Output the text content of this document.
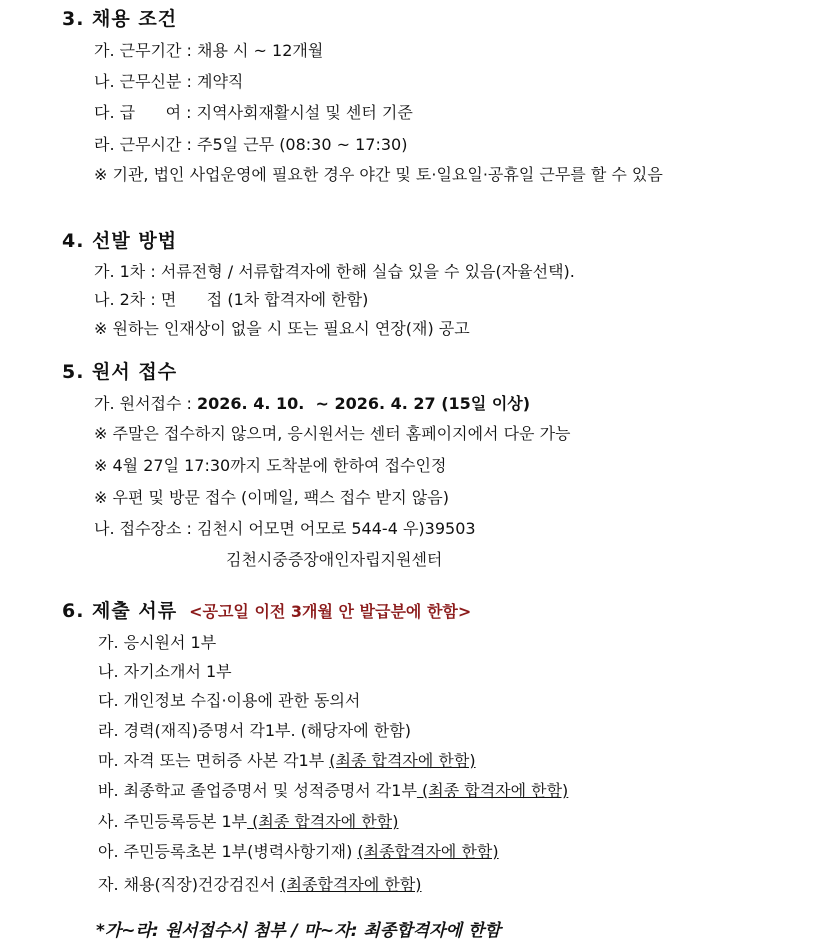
3. 채용 조건
가. 근무기간 : 채용 시 ~ 12개월
나. 근무신분 : 계약직
다. 급      여 : 지역사회재활시설 및 센터 기준
라. 근무시간 : 주5일 근무 (08:30 ~ 17:30)
※ 기관, 법인 사업운영에 필요한 경우 야간 및 토·일요일·공휴일 근무를 할 수 있음
4. 선발 방법
가. 1차 : 서류전형 / 서류합격자에 한해 실습 있을 수 있음(자율선택).
나. 2차 : 면      접 (1차 합격자에 한함)
※ 원하는 인재상이 없을 시 또는 필요시 연장(재) 공고
5. 원서 접수
가. 원서접수 : 2026. 4. 10.  ~ 2026. 4. 27 (15일 이상)
※ 주말은 접수하지 않으며, 응시원서는 센터 홈페이지에서 다운 가능
※ 4월 27일 17:30까지 도착분에 한하여 접수인정
※ 우편 및 방문 접수 (이메일, 팩스 접수 받지 않음)
나. 접수장소 : 김천시 어모면 어모로 544-4 우)39503
김천시중증장애인자립지원센터
6. 제출 서류 <공고일 이전 3개월 안 발급분에 한함>
가. 응시원서 1부
나. 자기소개서 1부
다. 개인정보 수집·이용에 관한 동의서
라. 경력(재직)증명서 각1부. (해당자에 한함)
마. 자격 또는 면허증 사본 각1부 (최종 합격자에 한함)
바. 최종학교 졸업증명서 및 성적증명서 각1부 (최종 합격자에 한함)
사. 주민등록등본 1부 (최종 합격자에 한함)
아. 주민등록초본 1부(병력사항기재) (최종합격자에 한함)
자. 채용(직장)건강검진서 (최종합격자에 한함)
*가~라: 원서접수시 첨부 / 마~자: 최종합격자에 한함
